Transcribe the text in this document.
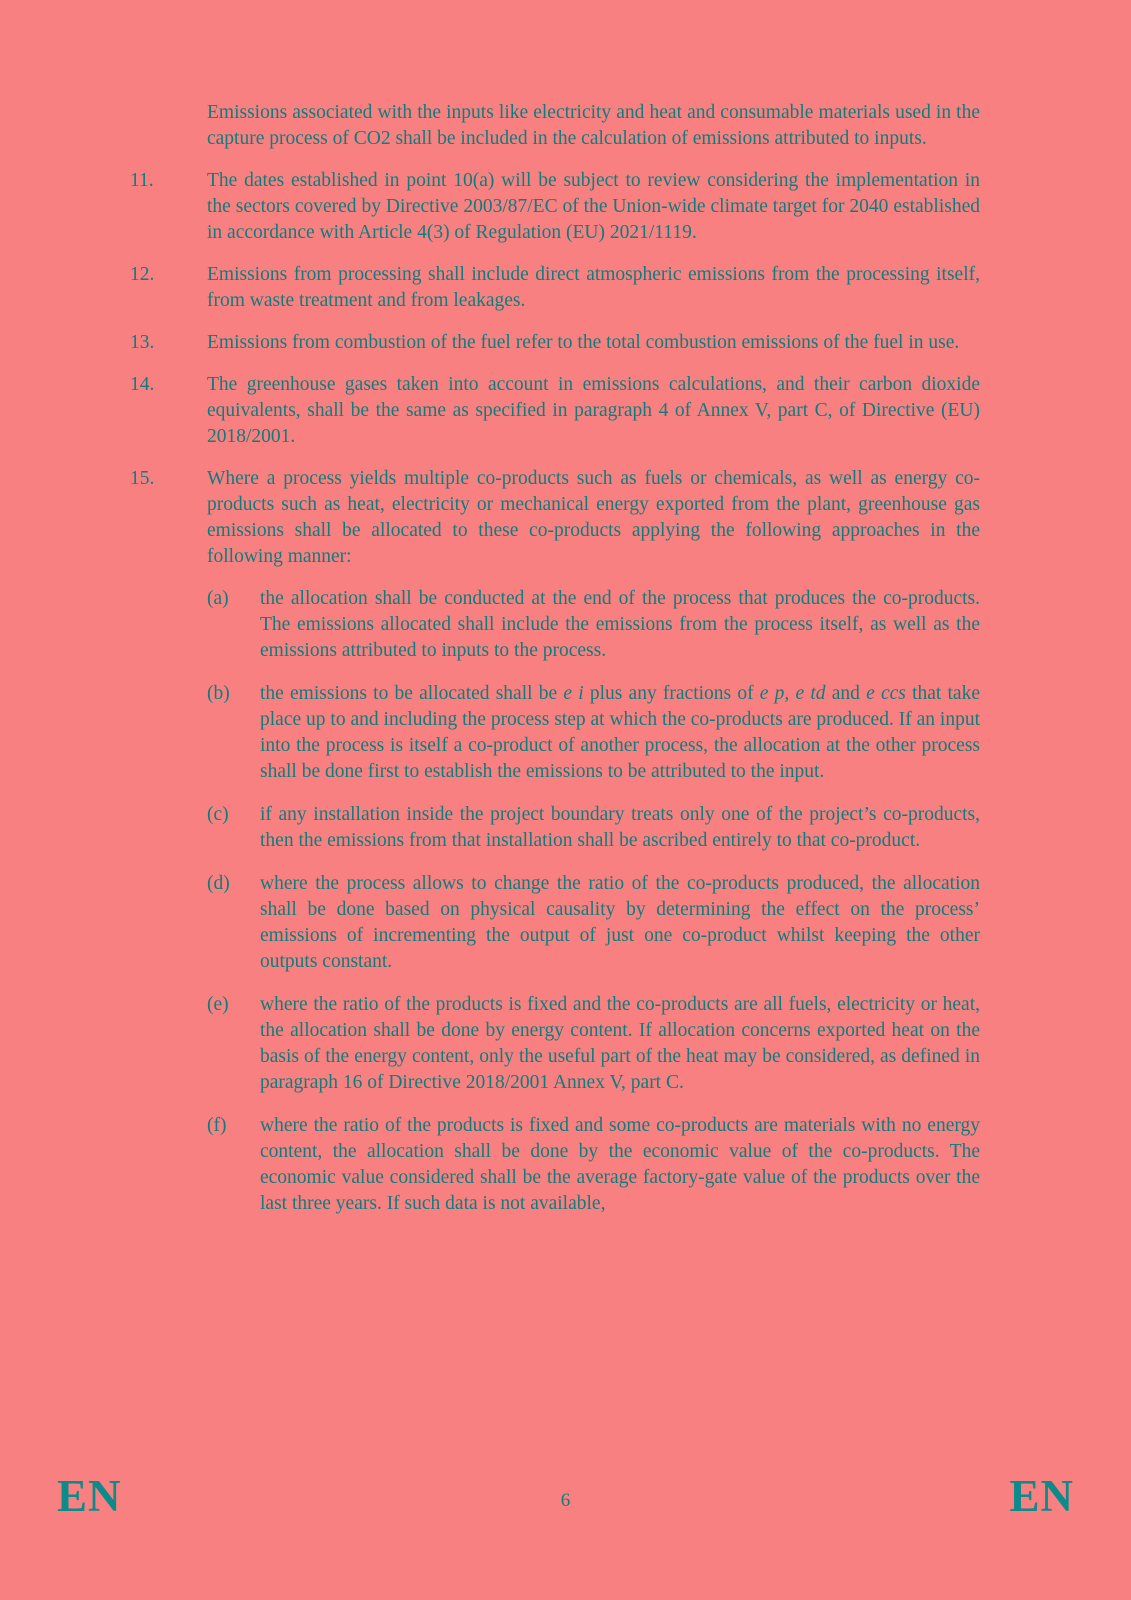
Emissions associated with the inputs like electricity and heat and consumable materials used in the capture process of CO2 shall be included in the calculation of emissions attributed to inputs.
11.	The dates established in point 10(a) will be subject to review considering the implementation in the sectors covered by Directive 2003/87/EC of the Union-wide climate target for 2040 established in accordance with Article 4(3) of Regulation (EU) 2021/1119.
12.	Emissions from processing shall include direct atmospheric emissions from the processing itself, from waste treatment and from leakages.
13.	Emissions from combustion of the fuel refer to the total combustion emissions of the fuel in use.
14.	The greenhouse gases taken into account in emissions calculations, and their carbon dioxide equivalents, shall be the same as specified in paragraph 4 of Annex V, part C, of Directive (EU) 2018/2001.
15.	Where a process yields multiple co-products such as fuels or chemicals, as well as energy co-products such as heat, electricity or mechanical energy exported from the plant, greenhouse gas emissions shall be allocated to these co-products applying the following approaches in the following manner:
(a)	the allocation shall be conducted at the end of the process that produces the co-products. The emissions allocated shall include the emissions from the process itself, as well as the emissions attributed to inputs to the process.
(b)	the emissions to be allocated shall be e i plus any fractions of e p, e td and e ccs that take place up to and including the process step at which the co-products are produced. If an input into the process is itself a co-product of another process, the allocation at the other process shall be done first to establish the emissions to be attributed to the input.
(c)	if any installation inside the project boundary treats only one of the project’s co-products, then the emissions from that installation shall be ascribed entirely to that co-product.
(d)	where the process allows to change the ratio of the co-products produced, the allocation shall be done based on physical causality by determining the effect on the process’ emissions of incrementing the output of just one co-product whilst keeping the other outputs constant.
(e)	where the ratio of the products is fixed and the co-products are all fuels, electricity or heat, the allocation shall be done by energy content. If allocation concerns exported heat on the basis of the energy content, only the useful part of the heat may be considered, as defined in paragraph 16 of Directive 2018/2001 Annex V, part C.
(f)	where the ratio of the products is fixed and some co-products are materials with no energy content, the allocation shall be done by the economic value of the co-products. The economic value considered shall be the average factory-gate value of the products over the last three years. If such data is not available,
EN	6	EN
